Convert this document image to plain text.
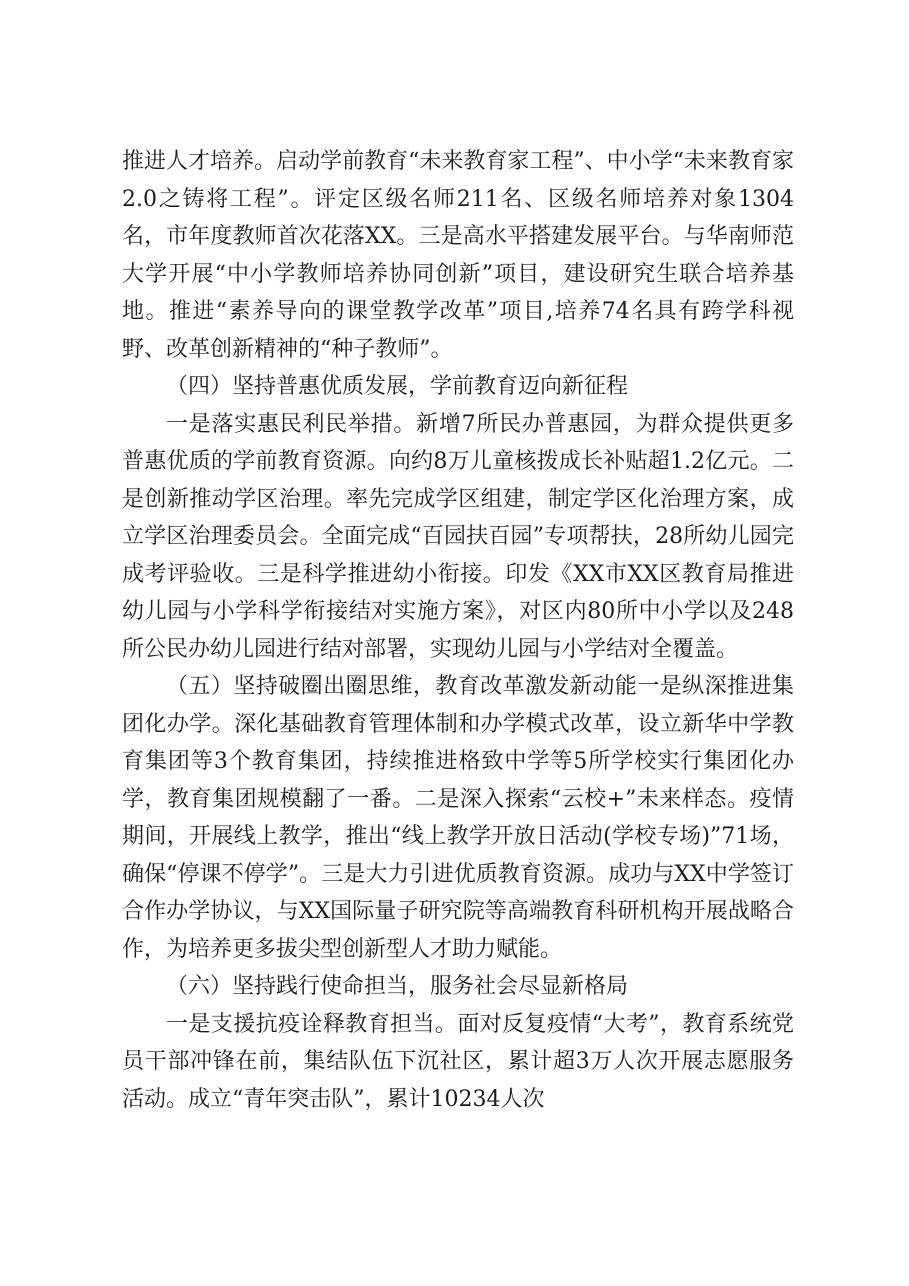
推进人才培养。启动学前教育“未来教育家工程”、中小学“未来教育家2.0之铸将工程”。评定区级名师211名、区级名师培养对象1304名，市年度教师首次花落XX。三是高水平搭建发展平台。与华南师范大学开展“中小学教师培养协同创新”项目，建设研究生联合培养基地。推进“素养导向的课堂教学改革”项目,培养74名具有跨学科视野、改革创新精神的“种子教师”。

（四）坚持普惠优质发展，学前教育迈向新征程

一是落实惠民利民举措。新增7所民办普惠园，为群众提供更多普惠优质的学前教育资源。向约8万儿童核拨成长补贴超1.2亿元。二是创新推动学区治理。率先完成学区组建，制定学区化治理方案，成立学区治理委员会。全面完成“百园扶百园”专项帮扶，28所幼儿园完成考评验收。三是科学推进幼小衔接。印发《XX市XX区教育局推进幼儿园与小学科学衔接结对实施方案》，对区内80所中小学以及248所公民办幼儿园进行结对部署，实现幼儿园与小学结对全覆盖。

（五）坚持破圈出圈思维，教育改革激发新动能一是纵深推进集团化办学。深化基础教育管理体制和办学模式改革，设立新华中学教育集团等3个教育集团，持续推进格致中学等5所学校实行集团化办学，教育集团规模翻了一番。二是深入探索“云校+”未来样态。疫情期间，开展线上教学，推出“线上教学开放日活动(学校专场)”71场，确保“停课不停学”。三是大力引进优质教育资源。成功与XX中学签订合作办学协议，与XX国际量子研究院等高端教育科研机构开展战略合作，为培养更多拔尖型创新型人才助力赋能。

（六）坚持践行使命担当，服务社会尽显新格局

一是支援抗疫诠释教育担当。面对反复疫情“大考”，教育系统党员干部冲锋在前，集结队伍下沉社区，累计超3万人次开展志愿服务活动。成立“青年突击队”，累计10234人次
